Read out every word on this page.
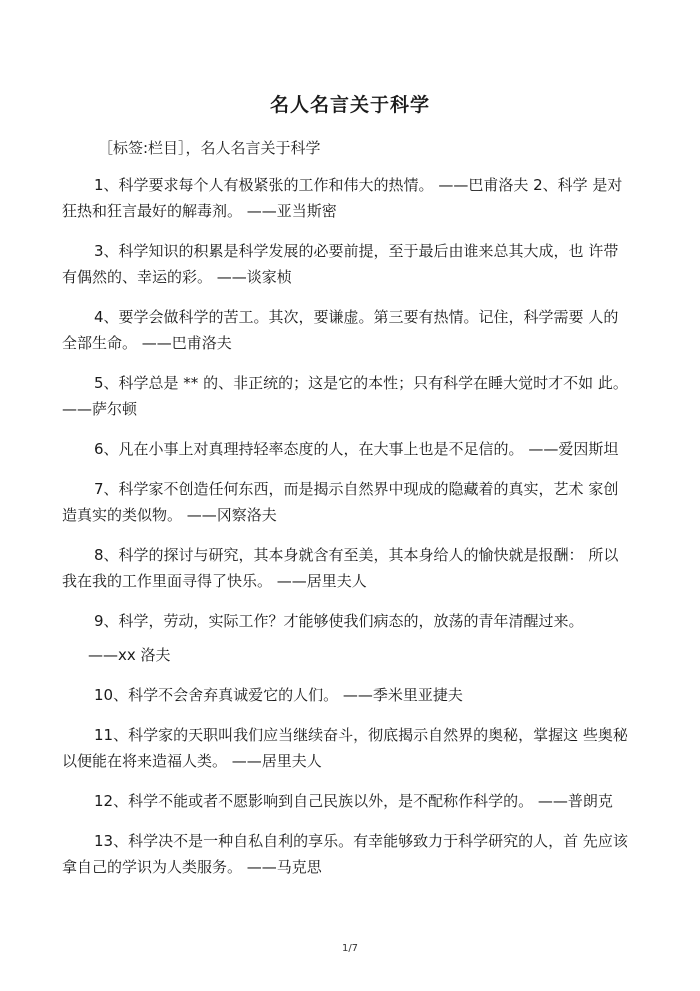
名人名言关于科学
［标签:栏目］，名人名言关于科学

1、科学要求每个人有极紧张的工作和伟大的热情。 ——巴甫洛夫 2、科学 是对狂热和狂言最好的解毒剂。 ——亚当斯密

3、科学知识的积累是科学发展的必要前提，至于最后由谁来总其大成，也 许带有偶然的、幸运的彩。 ——谈家桢

4、要学会做科学的苦工。其次，要谦虚。第三要有热情。记住，科学需要 人的全部生命。 ——巴甫洛夫

5、科学总是 ** 的、非正统的；这是它的本性；只有科学在睡大觉时才不如 此。 ——萨尔顿

6、凡在小事上对真理持轻率态度的人，在大事上也是不足信的。 ——爱因斯坦

7、科学家不创造任何东西，而是揭示自然界中现成的隐藏着的真实，艺术 家创造真实的类似物。 ——冈察洛夫

8、科学的探讨与研究，其本身就含有至美，其本身给人的愉快就是报酬： 所以我在我的工作里面寻得了快乐。 ——居里夫人

9、科学，劳动，实际工作？才能够使我们病态的，放荡的青年清醒过来。

——xx 洛夫

10、科学不会舍弃真诚爱它的人们。 ——季米里亚捷夫

11、科学家的天职叫我们应当继续奋斗，彻底揭示自然界的奥秘，掌握这 些奥秘以便能在将来造福人类。 ——居里夫人

12、科学不能或者不愿影响到自己民族以外，是不配称作科学的。 ——普朗克

13、科学决不是一种自私自利的享乐。有幸能够致力于科学研究的人，首 先应该拿自己的学识为人类服务。 ——马克思

1/7
